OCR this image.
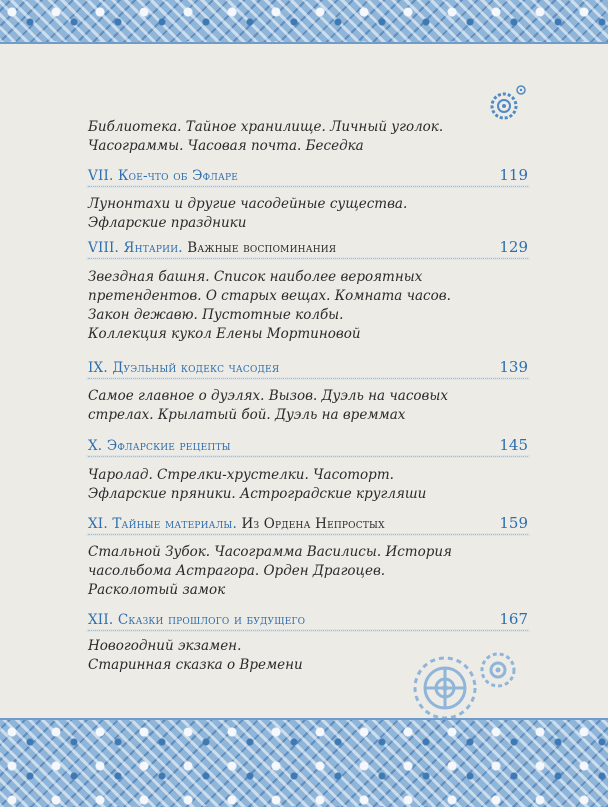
Библиотека. Тайное хранилище. Личный уголок.
Часограммы. Часовая почта. Беседка

VII. Кое-что об Эфларе	119

Лунонтахи и другие часодейные существа.
Эфларские праздники

VIII. Янтарии. Важные воспоминания	129

Звездная башня. Список наиболее вероятных
претендентов. О старых вещах. Комната часов.
Закон дежавю. Пустотные колбы.
Коллекция кукол Елены Мортиновой

IX. Дуэльный кодекс часодея	139

Самое главное о дуэлях. Вызов. Дуэль на часовых
стрелах. Крылатый бой. Дуэль на времмах

X. Эфларские рецепты	145

Чаролад. Стрелки-хрустелки. Часоторт.
Эфларские пряники. Астроградские кругляши

XI. Тайные материалы. Из Ордена Непростых	159

Стальной Зубок. Часограмма Василисы. История
часольбома Астрагора. Орден Драгоцев.
Расколотый замок

XII. Сказки прошлого и будущего	167

Новогодний экзамен.
Старинная сказка о Времени
